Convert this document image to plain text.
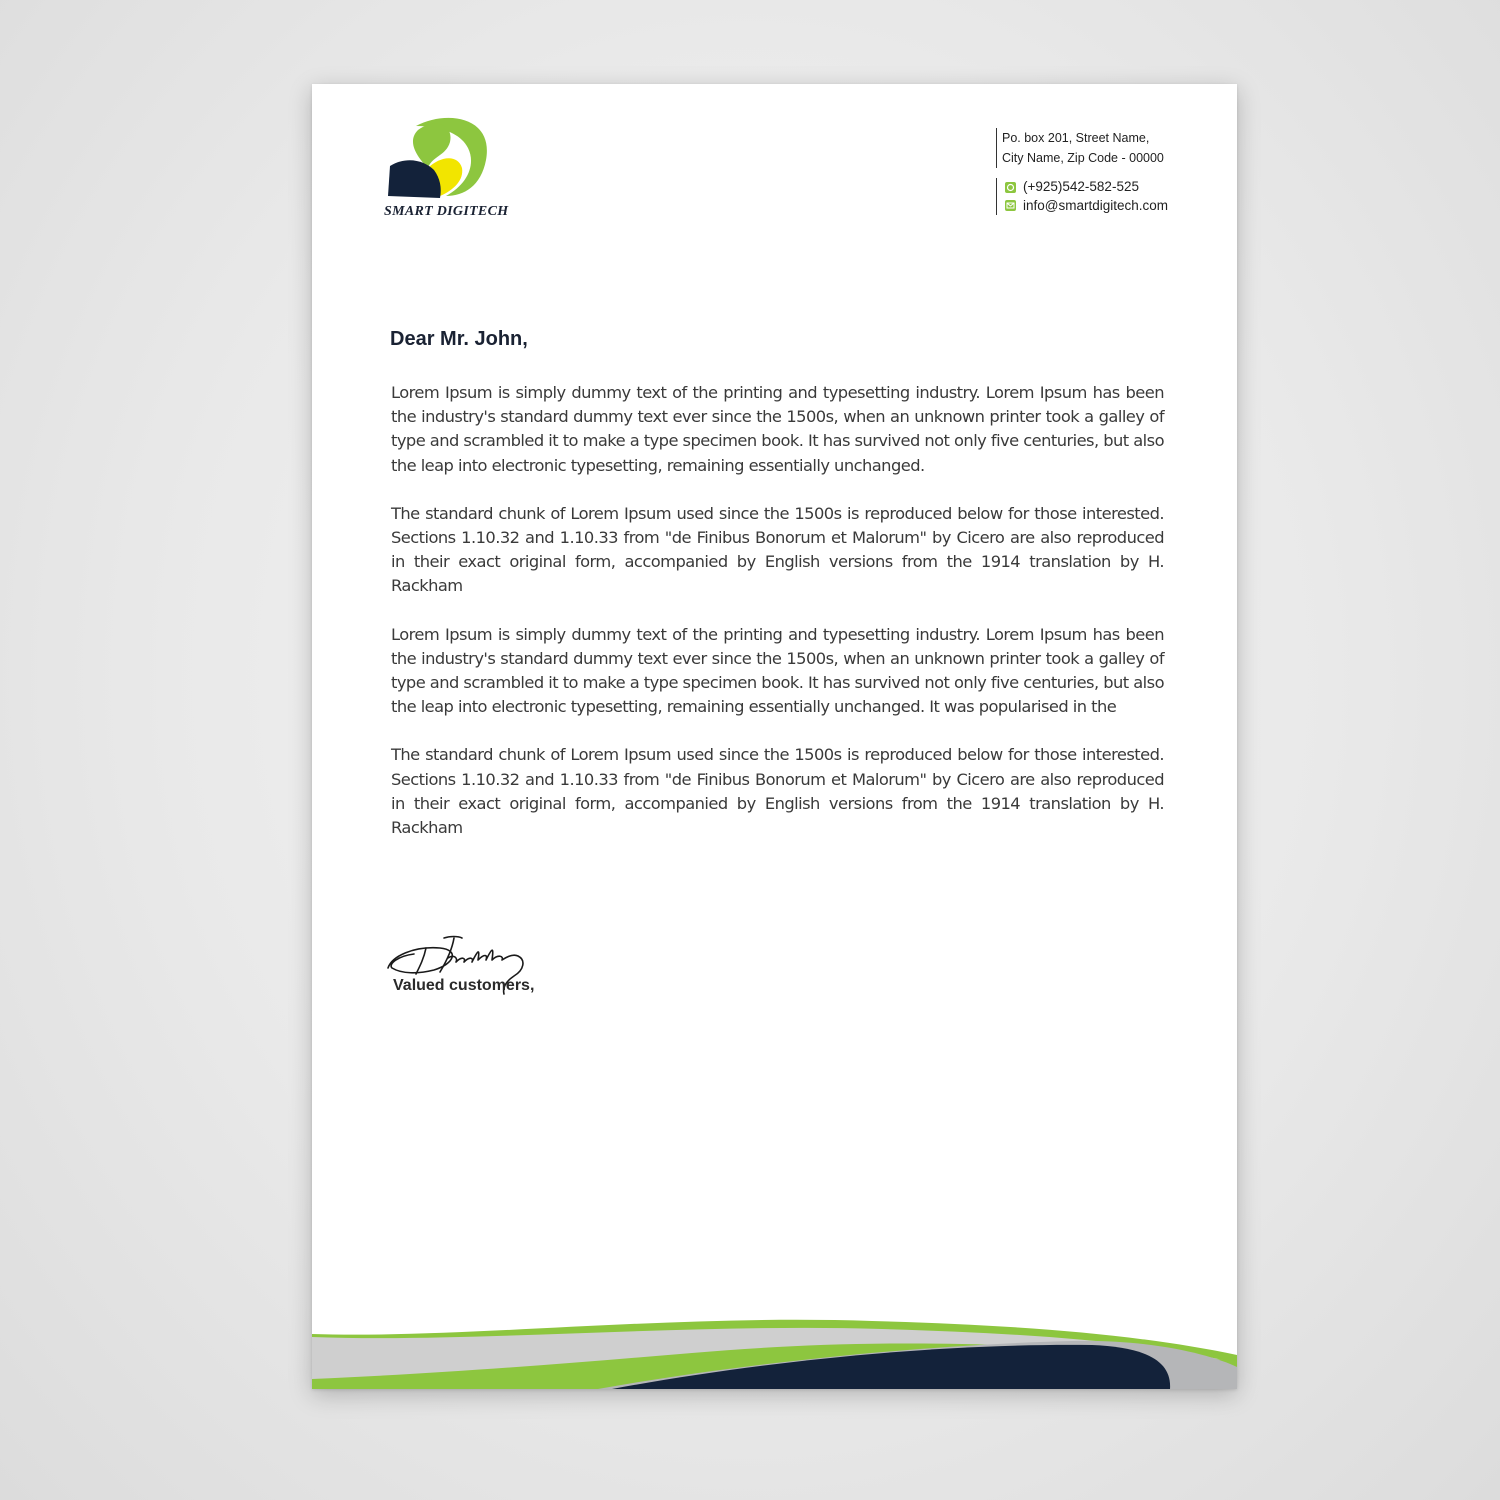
SMART DIGITECH
Po. box 201, Street Name,
City Name, Zip Code - 00000
(+925)542-582-525
info@smartdigitech.com
Dear Mr. John,

Lorem Ipsum is simply dummy text of the printing and typesetting industry. Lorem Ipsum has been the industry's standard dummy text ever since the 1500s, when an unknown printer took a galley of type and scrambled it to make a type specimen book. It has survived not only five centuries, but also the leap into electronic typesetting, remaining essentially unchanged.

The standard chunk of Lorem Ipsum used since the 1500s is reproduced below for those interested. Sections 1.10.32 and 1.10.33 from "de Finibus Bonorum et Malorum" by Cicero are also reproduced in their exact original form, accompanied by English versions from the 1914 translation by H. Rackham

Lorem Ipsum is simply dummy text of the printing and typesetting industry. Lorem Ipsum has been the industry's standard dummy text ever since the 1500s, when an unknown printer took a galley of type and scrambled it to make a type specimen book. It has survived not only five centuries, but also the leap into electronic typesetting, remaining essentially unchanged. It was popularised in the

The standard chunk of Lorem Ipsum used since the 1500s is reproduced below for those interested. Sections 1.10.32 and 1.10.33 from "de Finibus Bonorum et Malorum" by Cicero are also reproduced in their exact original form, accompanied by English versions from the 1914 translation by H. Rackham

Valued customers,
www.smartdigitech.com
